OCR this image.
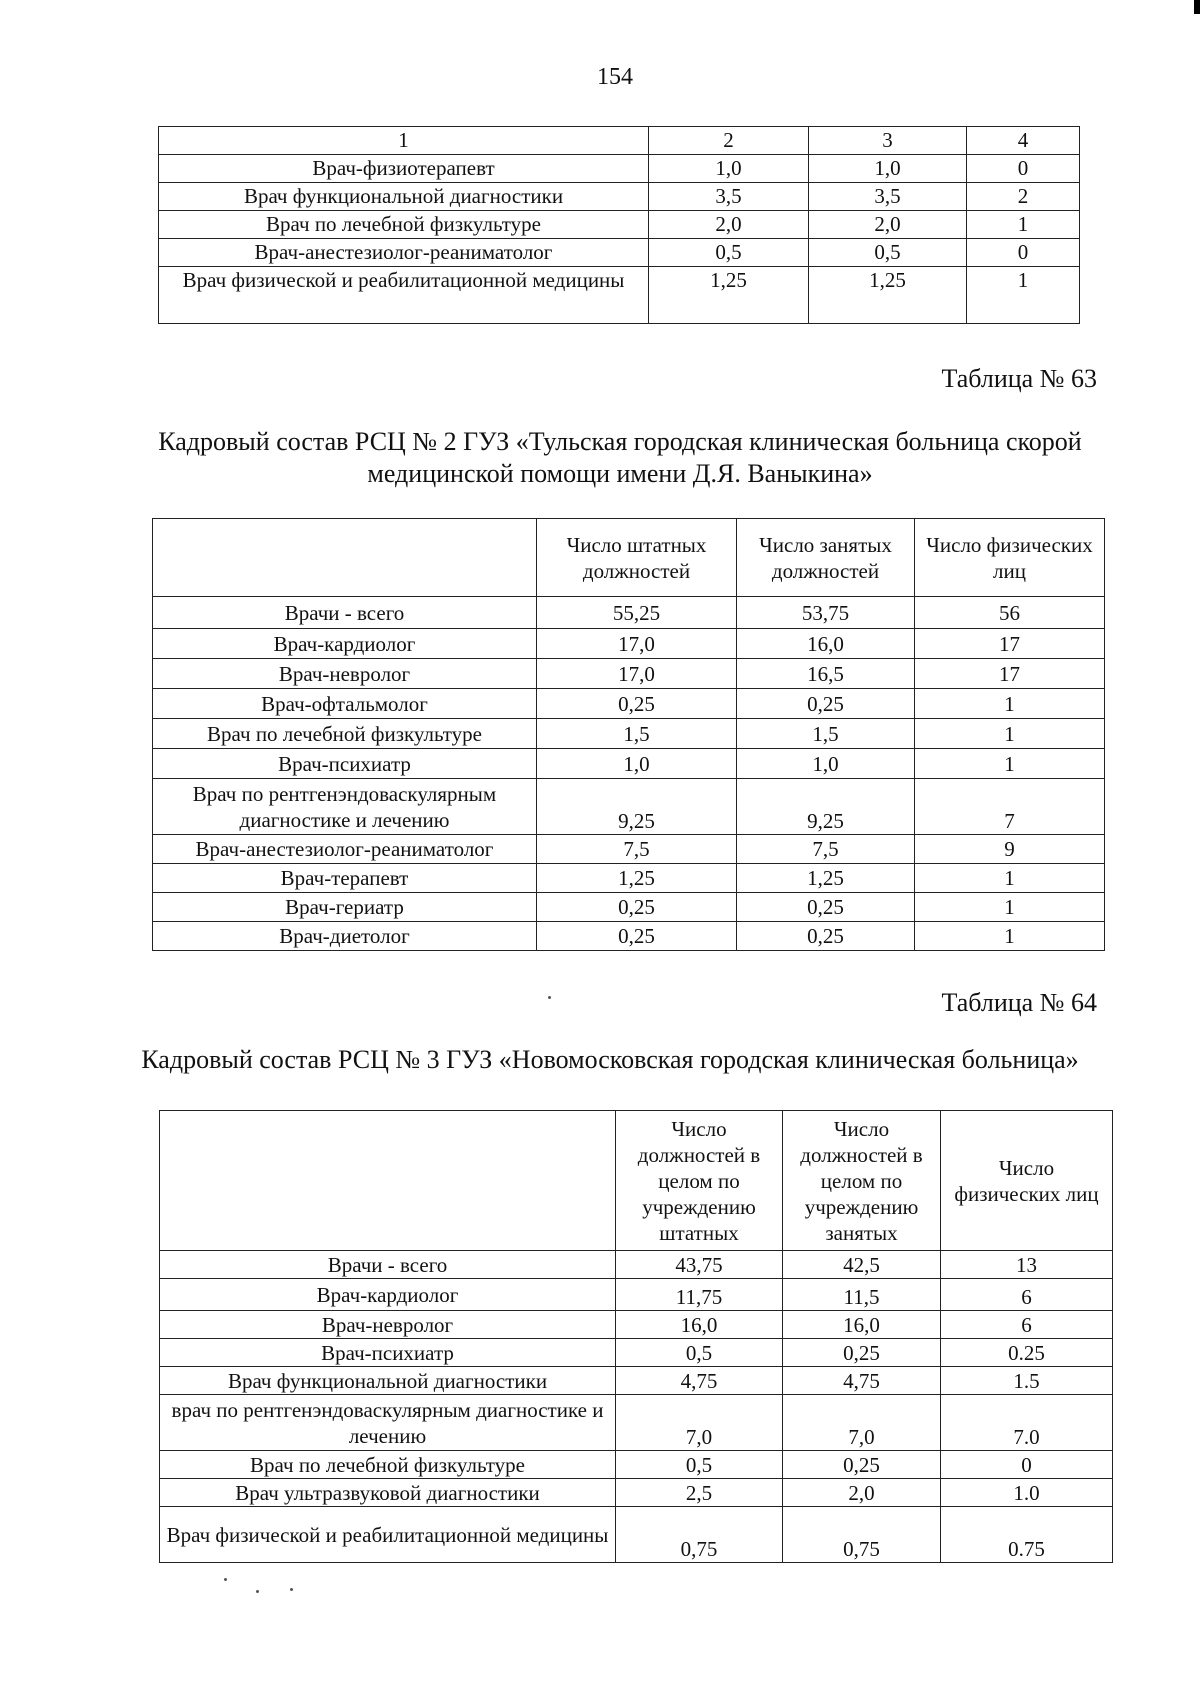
154
1	2	3	4
Врач-физиотерапевт	1,0	1,0	0
Врач функциональной диагностики	3,5	3,5	2
Врач по лечебной физкультуре	2,0	2,0	1
Врач-анестезиолог-реаниматолог	0,5	0,5	0
Врач физической и реабилитационной медицины	1,25	1,25	1
Таблица № 63
Кадровый состав РСЦ № 2 ГУЗ «Тульская городская клиническая больница скорой медицинской помощи имени Д.Я. Ваныкина»
	Число штатных должностей	Число занятых должностей	Число физических лиц
Врачи - всего	55,25	53,75	56
Врач-кардиолог	17,0	16,0	17
Врач-невролог	17,0	16,5	17
Врач-офтальмолог	0,25	0,25	1
Врач по лечебной физкультуре	1,5	1,5	1
Врач-психиатр	1,0	1,0	1
Врач по рентгенэндоваскулярным диагностике и лечению	9,25	9,25	7
Врач-анестезиолог-реаниматолог	7,5	7,5	9
Врач-терапевт	1,25	1,25	1
Врач-гериатр	0,25	0,25	1
Врач-диетолог	0,25	0,25	1
Таблица № 64
Кадровый состав РСЦ № 3 ГУЗ «Новомосковская городская клиническая больница»
	Число должностей в целом по учреждению штатных	Число должностей в целом по учреждению занятых	Число физических лиц
Врачи - всего	43,75	42,5	13
Врач-кардиолог	11,75	11,5	6
Врач-невролог	16,0	16,0	6
Врач-психиатр	0,5	0,25	0.25
Врач функциональной диагностики	4,75	4,75	1.5
врач по рентгенэндоваскулярным диагностике и лечению	7,0	7,0	7.0
Врач по лечебной физкультуре	0,5	0,25	0
Врач ультразвуковой диагностики	2,5	2,0	1.0
Врач физической и реабилитационной медицины	0,75	0,75	0.75
